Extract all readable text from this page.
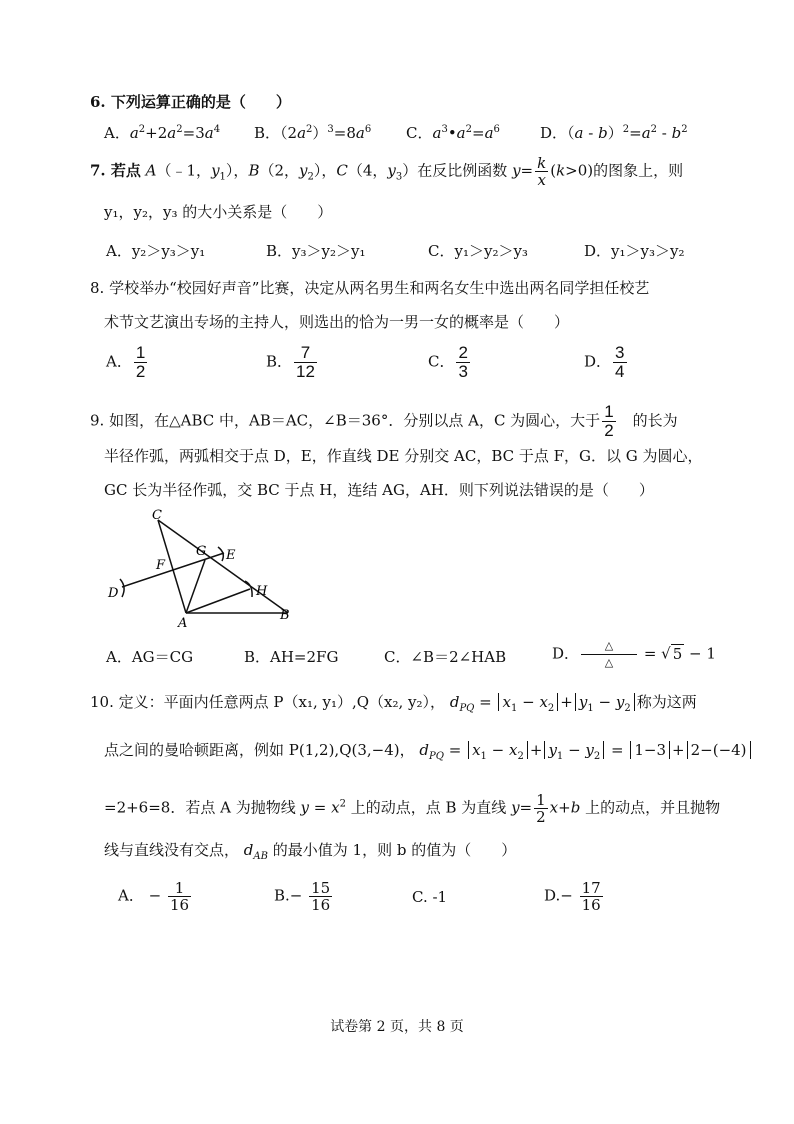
6. 下列运算正确的是（　　）
A．$a^2+2a^2=3a^4$ B．$(2a^2)^3=8a^6$ C．$a^3•a^2=a^6$	D．$(a - b)^2=a^2 - b^2$
7. 若点 A（﹣1，$y_1$），B（2，$y_2$），C（4，$y_3$）在反比例函数 $y= \frac{k}{x} (k>0)$的图象上，则
y₁，y₂，y₃ 的大小关系是（　　）
A．y₂＞y₃＞y₁	B．y₃＞y₂＞y₁	C．y₁＞y₂＞y₃	D．y₁＞y₃＞y₂
8. 学校举办“校园好声音”比赛，决定从两名男生和两名女生中选出两名同学担任校艺
术节文艺演出专场的主持人，则选出的恰为一男一女的概率是（　　）
A． $\frac{1}{2}$	B． $\frac{7}{12}$	C． $\frac{2}{3}$	D． $\frac{3}{4}$
9. 如图，在△ABC 中，AB＝AC，∠B＝36°．分别以点 A，C 为圆心，大于 $\frac{1}{2}$
　 的长为
半径作弧，两弧相交于点 D，E，作直线 DE 分别交 AC，BC 于点 F，G．以 G 为圆心，
GC 长为半径作弧，交 BC 于点 H，连结 AG，AH．则下列说法错误的是（　　）
C
G E
F
D	H
A
B
A．AG＝CG	B．AH=2FG	C．∠B＝2∠HAB	D． $\frac{\triangle}{\triangle}$ = √ 5 − 1
10. 定义：平面内任意两点 P（x₁, y₁）,Q（x₂, y₂）， $d_{PQ} = x_1 - x_2 + y_1 - y_2$ 称为这两
点之间的曼哈顿距离，例如 P(1,2),Q(3,−4)， $d_{PQ} = x_1 - x_2 + y_1 - y_2 = 1-3 + 2-(-4)$
=2+6=8．若点 A 为抛物线 $y = x^2$ 上的动点，点 B 为直线 $y= \frac{1}{2} x+b$ 上的动点，并且抛物
线与直线没有交点， $d_{AB}$ 的最小值为 1，则 b 的值为（　　）
A． − $\frac{1}{16}$	$B.- \frac{15}{16}$	C. -1	$D.- \frac{17}{16}$
试卷第 2 页，共 8 页
